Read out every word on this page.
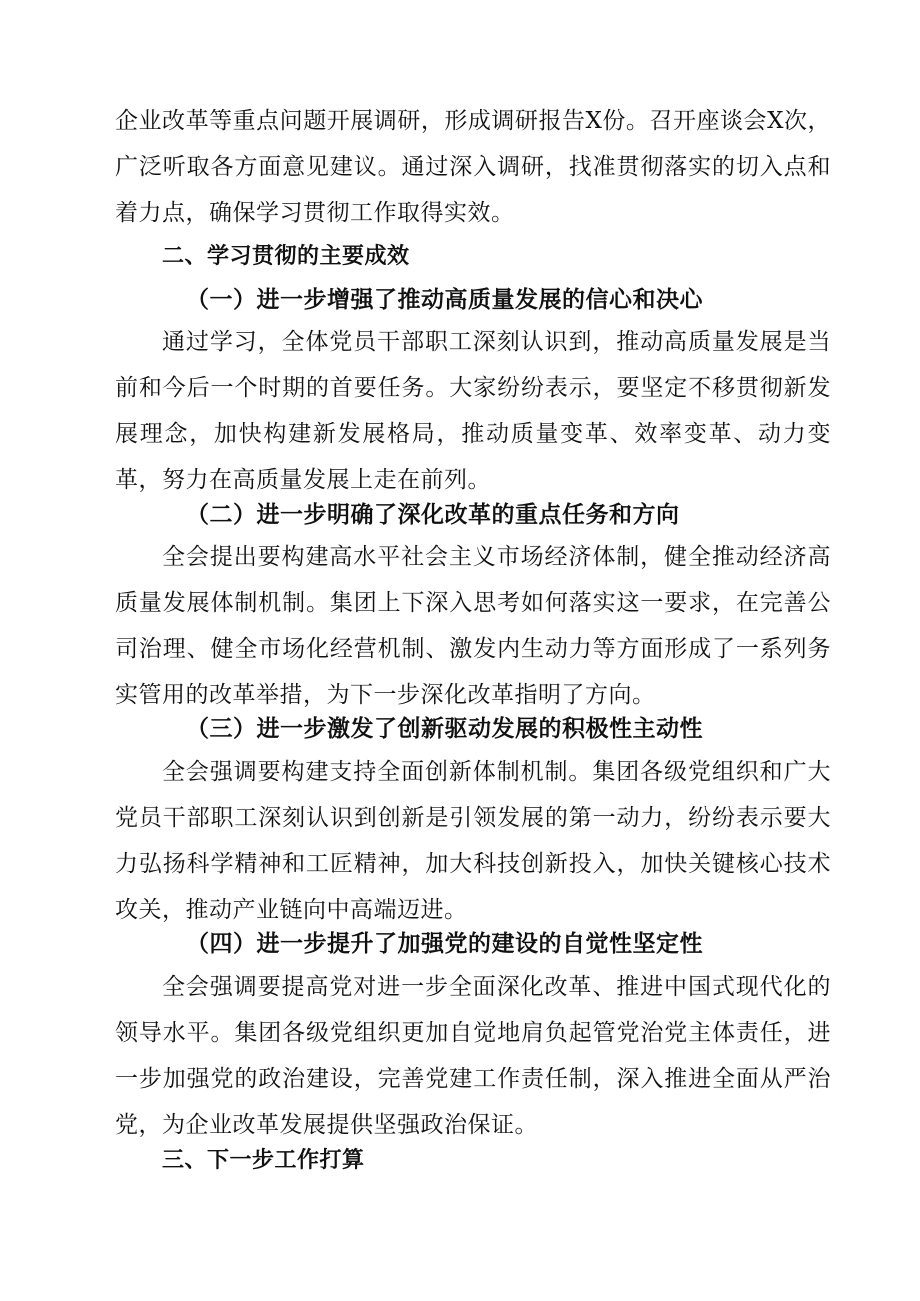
企业改革等重点问题开展调研，形成调研报告X份。召开座谈会X次，广泛听取各方面意见建议。通过深入调研，找准贯彻落实的切入点和着力点，确保学习贯彻工作取得实效。

二、学习贯彻的主要成效
（一）进一步增强了推动高质量发展的信心和决心

通过学习，全体党员干部职工深刻认识到，推动高质量发展是当前和今后一个时期的首要任务。大家纷纷表示，要坚定不移贯彻新发展理念，加快构建新发展格局，推动质量变革、效率变革、动力变革，努力在高质量发展上走在前列。

（二）进一步明确了深化改革的重点任务和方向

全会提出要构建高水平社会主义市场经济体制，健全推动经济高质量发展体制机制。集团上下深入思考如何落实这一要求，在完善公司治理、健全市场化经营机制、激发内生动力等方面形成了一系列务实管用的改革举措，为下一步深化改革指明了方向。

（三）进一步激发了创新驱动发展的积极性主动性

全会强调要构建支持全面创新体制机制。集团各级党组织和广大党员干部职工深刻认识到创新是引领发展的第一动力，纷纷表示要大力弘扬科学精神和工匠精神，加大科技创新投入，加快关键核心技术攻关，推动产业链向中高端迈进。

（四）进一步提升了加强党的建设的自觉性坚定性

全会强调要提高党对进一步全面深化改革、推进中国式现代化的领导水平。集团各级党组织更加自觉地肩负起管党治党主体责任，进一步加强党的政治建设，完善党建工作责任制，深入推进全面从严治党，为企业改革发展提供坚强政治保证。

三、下一步工作打算
